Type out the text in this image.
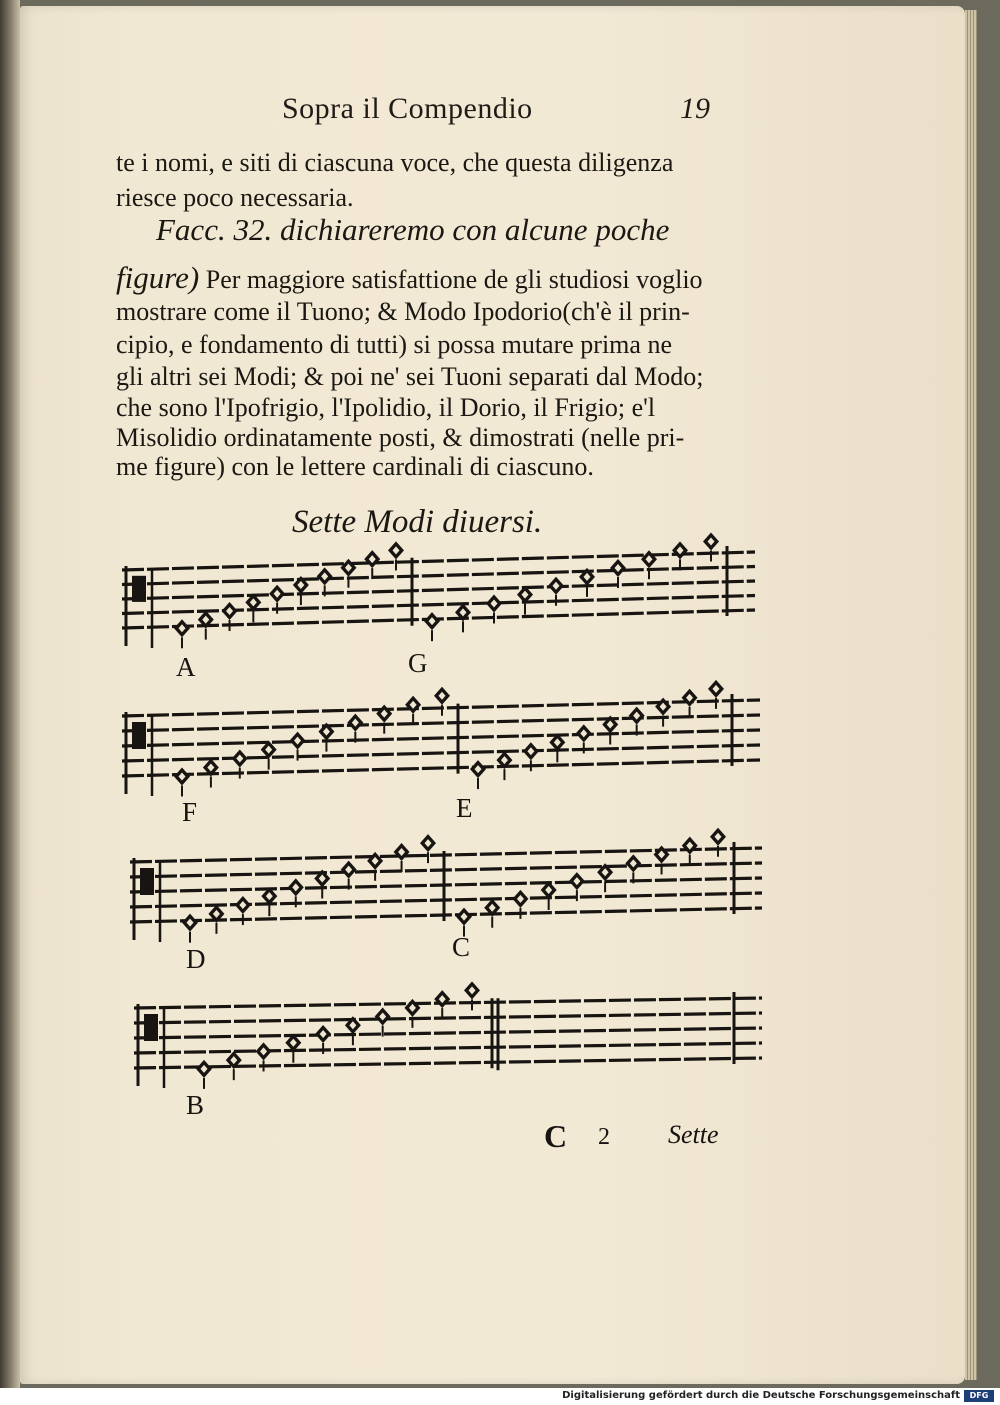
Sopra il Compendio	19
te i nomi, e siti di ciascuna voce, che questa diligenza
riesce poco necessaria.
Facc. 32. dichiareremo con alcune poche
figure) Per maggiore satisfattione de gli studiosi voglio
mostrare come il Tuono; & Modo Ipodorio(ch'è il prin-
cipio, e fondamento di tutti) si possa mutare prima ne
gli altri sei Modi; & poi ne' sei Tuoni separati dal Modo;
che sono l'Ipofrigio, l'Ipolidio, il Dorio, il Frigio; e'l
Misolidio ordinatamente posti, & dimostrati (nelle pri-
me figure) con le lettere cardinali di ciascuno.
Sette Modi diuersi.
A	G
F	E
D	C
B
C 2 Sette
Digitalisierung gefördert durch die Deutsche Forschungsgemeinschaft	DFG
